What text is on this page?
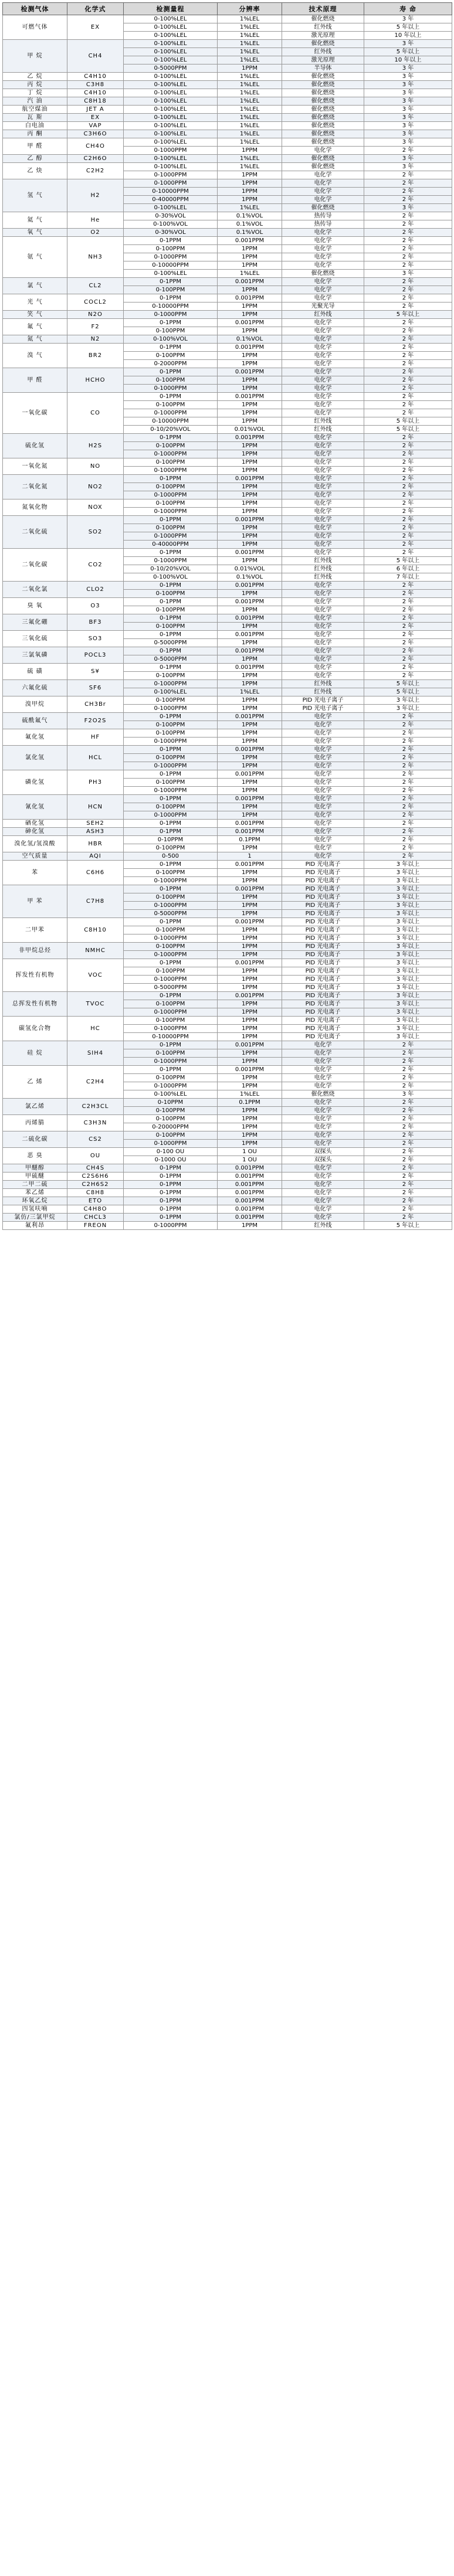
检测气体	化学式	检测量程	分辨率	技术原理	寿 命
可燃气体	EX	0-100%LEL	1%LEL	催化燃烧	3 年
		0-100%LEL	1%LEL	红外线	5 年以上
		0-100%LEL	1%LEL	激光原理	10 年以上
甲 烷	CH4	0-100%LEL	1%LEL	催化燃烧	3 年
		0-100%LEL	1%LEL	红外线	5 年以上
		0-100%LEL	1%LEL	激光原理	10 年以上
		0-5000PPM	1PPM	半导体	3 年
乙 烷	C4H10	0-100%LEL	1%LEL	催化燃烧	3 年
丙 烷	C3H8	0-100%LEL	1%LEL	催化燃烧	3 年
丁 烷	C4H10	0-100%LEL	1%LEL	催化燃烧	3 年
汽 油	C8H18	0-100%LEL	1%LEL	催化燃烧	3 年
航空煤油	JET A	0-100%LEL	1%LEL	催化燃烧	3 年
瓦 斯	EX	0-100%LEL	1%LEL	催化燃烧	3 年
白电油	VAP	0-100%LEL	1%LEL	催化燃烧	3 年
丙 酮	C3H6O	0-100%LEL	1%LEL	催化燃烧	3 年
甲 醛	CH4O	0-100%LEL	1%LEL	催化燃烧	3 年
		0-1000PPM	1PPM	电化学	2 年
乙 醇	C2H6O	0-100%LEL	1%LEL	催化燃烧	3 年
乙 炔	C2H2	0-100%LEL	1%LEL	催化燃烧	3 年
		0-1000PPM	1PPM	电化学	2 年
氢 气	H2	0-1000PPM	1PPM	电化学	2 年
		0-10000PPM	1PPM	电化学	2 年
		0-40000PPM	1PPM	电化学	2 年
		0-100%LEL	1%LEL	催化燃烧	3 年
氦 气	He	0-30%VOL	0.1%VOL	热传导	2 年
		0-100%VOL	0.1%VOL	热传导	2 年
氧 气	O2	0-30%VOL	0.1%VOL	电化学	2 年
氨 气	NH3	0-1PPM	0.001PPM	电化学	2 年
		0-100PPM	1PPM	电化学	2 年
		0-1000PPM	1PPM	电化学	2 年
		0-10000PPM	1PPM	电化学	2 年
		0-100%LEL	1%LEL	催化燃烧	3 年
氯 气	CL2	0-1PPM	0.001PPM	电化学	2 年
		0-100PPM	1PPM	电化学	2 年
光 气	COCL2	0-1PPM	0.001PPM	电化学	2 年
		0-10000PPM	1PPM	光聚光导	2 年
笑 气	N2O	0-1000PPM	1PPM	红外线	5 年以上
氟 气	F2	0-1PPM	0.001PPM	电化学	2 年
		0-100PPM	1PPM	电化学	2 年
氮 气	N2	0-100%VOL	0.1%VOL	电化学	2 年
溴 气	BR2	0-1PPM	0.001PPM	电化学	2 年
		0-100PPM	1PPM	电化学	2 年
		0-2000PPM	1PPM	电化学	2 年
甲 醛	HCHO	0-1PPM	0.001PPM	电化学	2 年
		0-100PPM	1PPM	电化学	2 年
		0-1000PPM	1PPM	电化学	2 年
一氧化碳	CO	0-1PPM	0.001PPM	电化学	2 年
		0-100PPM	1PPM	电化学	2 年
		0-1000PPM	1PPM	电化学	2 年
		0-10000PPM	1PPM	红外线	5 年以上
		0-10/20%VOL	0.01%VOL	红外线	5 年以上
硫化氢	H2S	0-1PPM	0.001PPM	电化学	2 年
		0-100PPM	1PPM	电化学	2 年
		0-1000PPM	1PPM	电化学	2 年
一氧化氮	NO	0-100PPM	1PPM	电化学	2 年
		0-1000PPM	1PPM	电化学	2 年
二氧化氮	NO2	0-1PPM	0.001PPM	电化学	2 年
		0-100PPM	1PPM	电化学	2 年
		0-1000PPM	1PPM	电化学	2 年
氮氧化物	NOX	0-100PPM	1PPM	电化学	2 年
		0-1000PPM	1PPM	电化学	2 年
二氧化硫	SO2	0-1PPM	0.001PPM	电化学	2 年
		0-100PPM	1PPM	电化学	2 年
		0-1000PPM	1PPM	电化学	2 年
		0-40000PPM	1PPM	电化学	2 年
二氧化碳	CO2	0-1PPM	0.001PPM	电化学	2 年
		0-1000PPM	1PPM	红外线	5 年以上
		0-10/20%VOL	0.01%VOL	红外线	6 年以上
		0-100%VOL	0.1%VOL	红外线	7 年以上
二氧化氯	CLO2	0-1PPM	0.001PPM	电化学	2 年
		0-100PPM	1PPM	电化学	2 年
臭 氧	O3	0-1PPM	0.001PPM	电化学	2 年
		0-100PPM	1PPM	电化学	2 年
三氟化硼	BF3	0-1PPM	0.001PPM	电化学	2 年
		0-100PPM	1PPM	电化学	2 年
三氧化硫	SO3	0-1PPM	0.001PPM	电化学	2 年
		0-5000PPM	1PPM	电化学	2 年
三氯氧磷	POCL3	0-1PPM	0.001PPM	电化学	2 年
		0-5000PPM	1PPM	电化学	2 年
硫 磺	S¥	0-1PPM	0.001PPM	电化学	2 年
		0-100PPM	1PPM	电化学	2 年
六氟化硫	SF6	0-1000PPM	1PPM	红外线	5 年以上
		0-100%LEL	1%LEL	红外线	5 年以上
溴甲烷	CH3Br	0-100PPM	1PPM	PID 光电子离子	3 年以上
		0-1000PPM	1PPM	PID 光电子离子	3 年以上
硫酰氟气	F2O2S	0-1PPM	0.001PPM	电化学	2 年
		0-100PPM	1PPM	电化学	2 年
氟化氢	HF	0-100PPM	1PPM	电化学	2 年
		0-1000PPM	1PPM	电化学	2 年
氯化氢	HCL	0-1PPM	0.001PPM	电化学	2 年
		0-100PPM	1PPM	电化学	2 年
		0-1000PPM	1PPM	电化学	2 年
磷化氢	PH3	0-1PPM	0.001PPM	电化学	2 年
		0-100PPM	1PPM	电化学	2 年
		0-1000PPM	1PPM	电化学	2 年
氰化氢	HCN	0-1PPM	0.001PPM	电化学	2 年
		0-100PPM	1PPM	电化学	2 年
		0-1000PPM	1PPM	电化学	2 年
硒化氢	SEH2	0-1PPM	0.001PPM	电化学	2 年
砷化氢	ASH3	0-1PPM	0.001PPM	电化学	2 年
溴化氢/氢溴酸	HBR	0-10PPM	0.1PPM	电化学	2 年
		0-100PPM	1PPM	电化学	2 年
空气质量	AQI	0-500	1	电化学	2 年
苯	C6H6	0-1PPM	0.001PPM	PID 光电离子	3 年以上
		0-100PPM	1PPM	PID 光电离子	3 年以上
		0-1000PPM	1PPM	PID 光电离子	3 年以上
甲 苯	C7H8	0-1PPM	0.001PPM	PID 光电离子	3 年以上
		0-100PPM	1PPM	PID 光电离子	3 年以上
		0-1000PPM	1PPM	PID 光电离子	3 年以上
		0-5000PPM	1PPM	PID 光电离子	3 年以上
二甲苯	C8H10	0-1PPM	0.001PPM	PID 光电离子	3 年以上
		0-100PPM	1PPM	PID 光电离子	3 年以上
		0-1000PPM	1PPM	PID 光电离子	3 年以上
非甲烷总烃	NMHC	0-100PPM	1PPM	PID 光电离子	3 年以上
		0-1000PPM	1PPM	PID 光电离子	3 年以上
挥发性有机物	VOC	0-1PPM	0.001PPM	PID 光电离子	3 年以上
		0-100PPM	1PPM	PID 光电离子	3 年以上
		0-1000PPM	1PPM	PID 光电离子	3 年以上
		0-5000PPM	1PPM	PID 光电离子	3 年以上
总挥发性有机物	TVOC	0-1PPM	0.001PPM	PID 光电离子	3 年以上
		0-100PPM	1PPM	PID 光电离子	3 年以上
		0-1000PPM	1PPM	PID 光电离子	3 年以上
碳氢化合物	HC	0-100PPM	1PPM	PID 光电离子	3 年以上
		0-1000PPM	1PPM	PID 光电离子	3 年以上
		0-10000PPM	1PPM	PID 光电离子	3 年以上
硅 烷	SIH4	0-1PPM	0.001PPM	电化学	2 年
		0-100PPM	1PPM	电化学	2 年
		0-1000PPM	1PPM	电化学	2 年
乙 烯	C2H4	0-1PPM	0.001PPM	电化学	2 年
		0-100PPM	1PPM	电化学	2 年
		0-1000PPM	1PPM	电化学	2 年
		0-100%LEL	1%LEL	催化燃烧	3 年
氯乙烯	C2H3CL	0-10PPM	0.1PPM	电化学	2 年
		0-100PPM	1PPM	电化学	2 年
丙烯腈	C3H3N	0-100PPM	1PPM	电化学	2 年
		0-20000PPM	1PPM	电化学	2 年
二硫化碳	CS2	0-100PPM	1PPM	电化学	2 年
		0-1000PPM	1PPM	电化学	2 年
恶 臭	OU	0-100 OU	1 OU	双探头	2 年
		0-1000 OU	1 OU	双探头	2 年
甲醚醇	CH4S	0-1PPM	0.001PPM	电化学	2 年
甲硫醚	C2S6H6	0-1PPM	0.001PPM	电化学	2 年
二甲二硫	C2H6S2	0-1PPM	0.001PPM	电化学	2 年
苯乙烯	C8H8	0-1PPM	0.001PPM	电化学	2 年
环氧乙烷	ETO	0-1PPM	0.001PPM	电化学	2 年
四氢呋喃	C4H8O	0-1PPM	0.001PPM	电化学	2 年
氯仿/三氯甲烷	CHCL3	0-1PPM	0.001PPM	电化学	2 年
氟利昂	FREON	0-1000PPM	1PPM	红外线	5 年以上
